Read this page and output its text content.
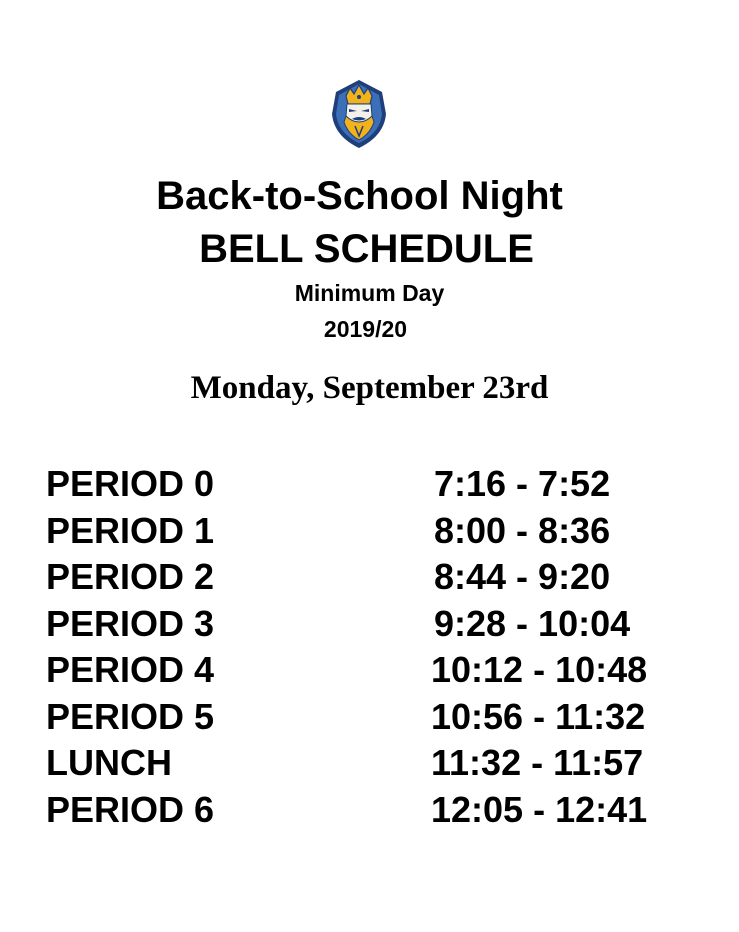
Back-to-School Night
BELL SCHEDULE
Minimum Day
2019/20
Monday, September 23rd
PERIOD 0	7:16 - 7:52
PERIOD 1	8:00 - 8:36
PERIOD 2	8:44 - 9:20
PERIOD 3	9:28 - 10:04
PERIOD 4	10:12 - 10:48
PERIOD 5	10:56 - 11:32
LUNCH	11:32 - 11:57
PERIOD 6	12:05 - 12:41
